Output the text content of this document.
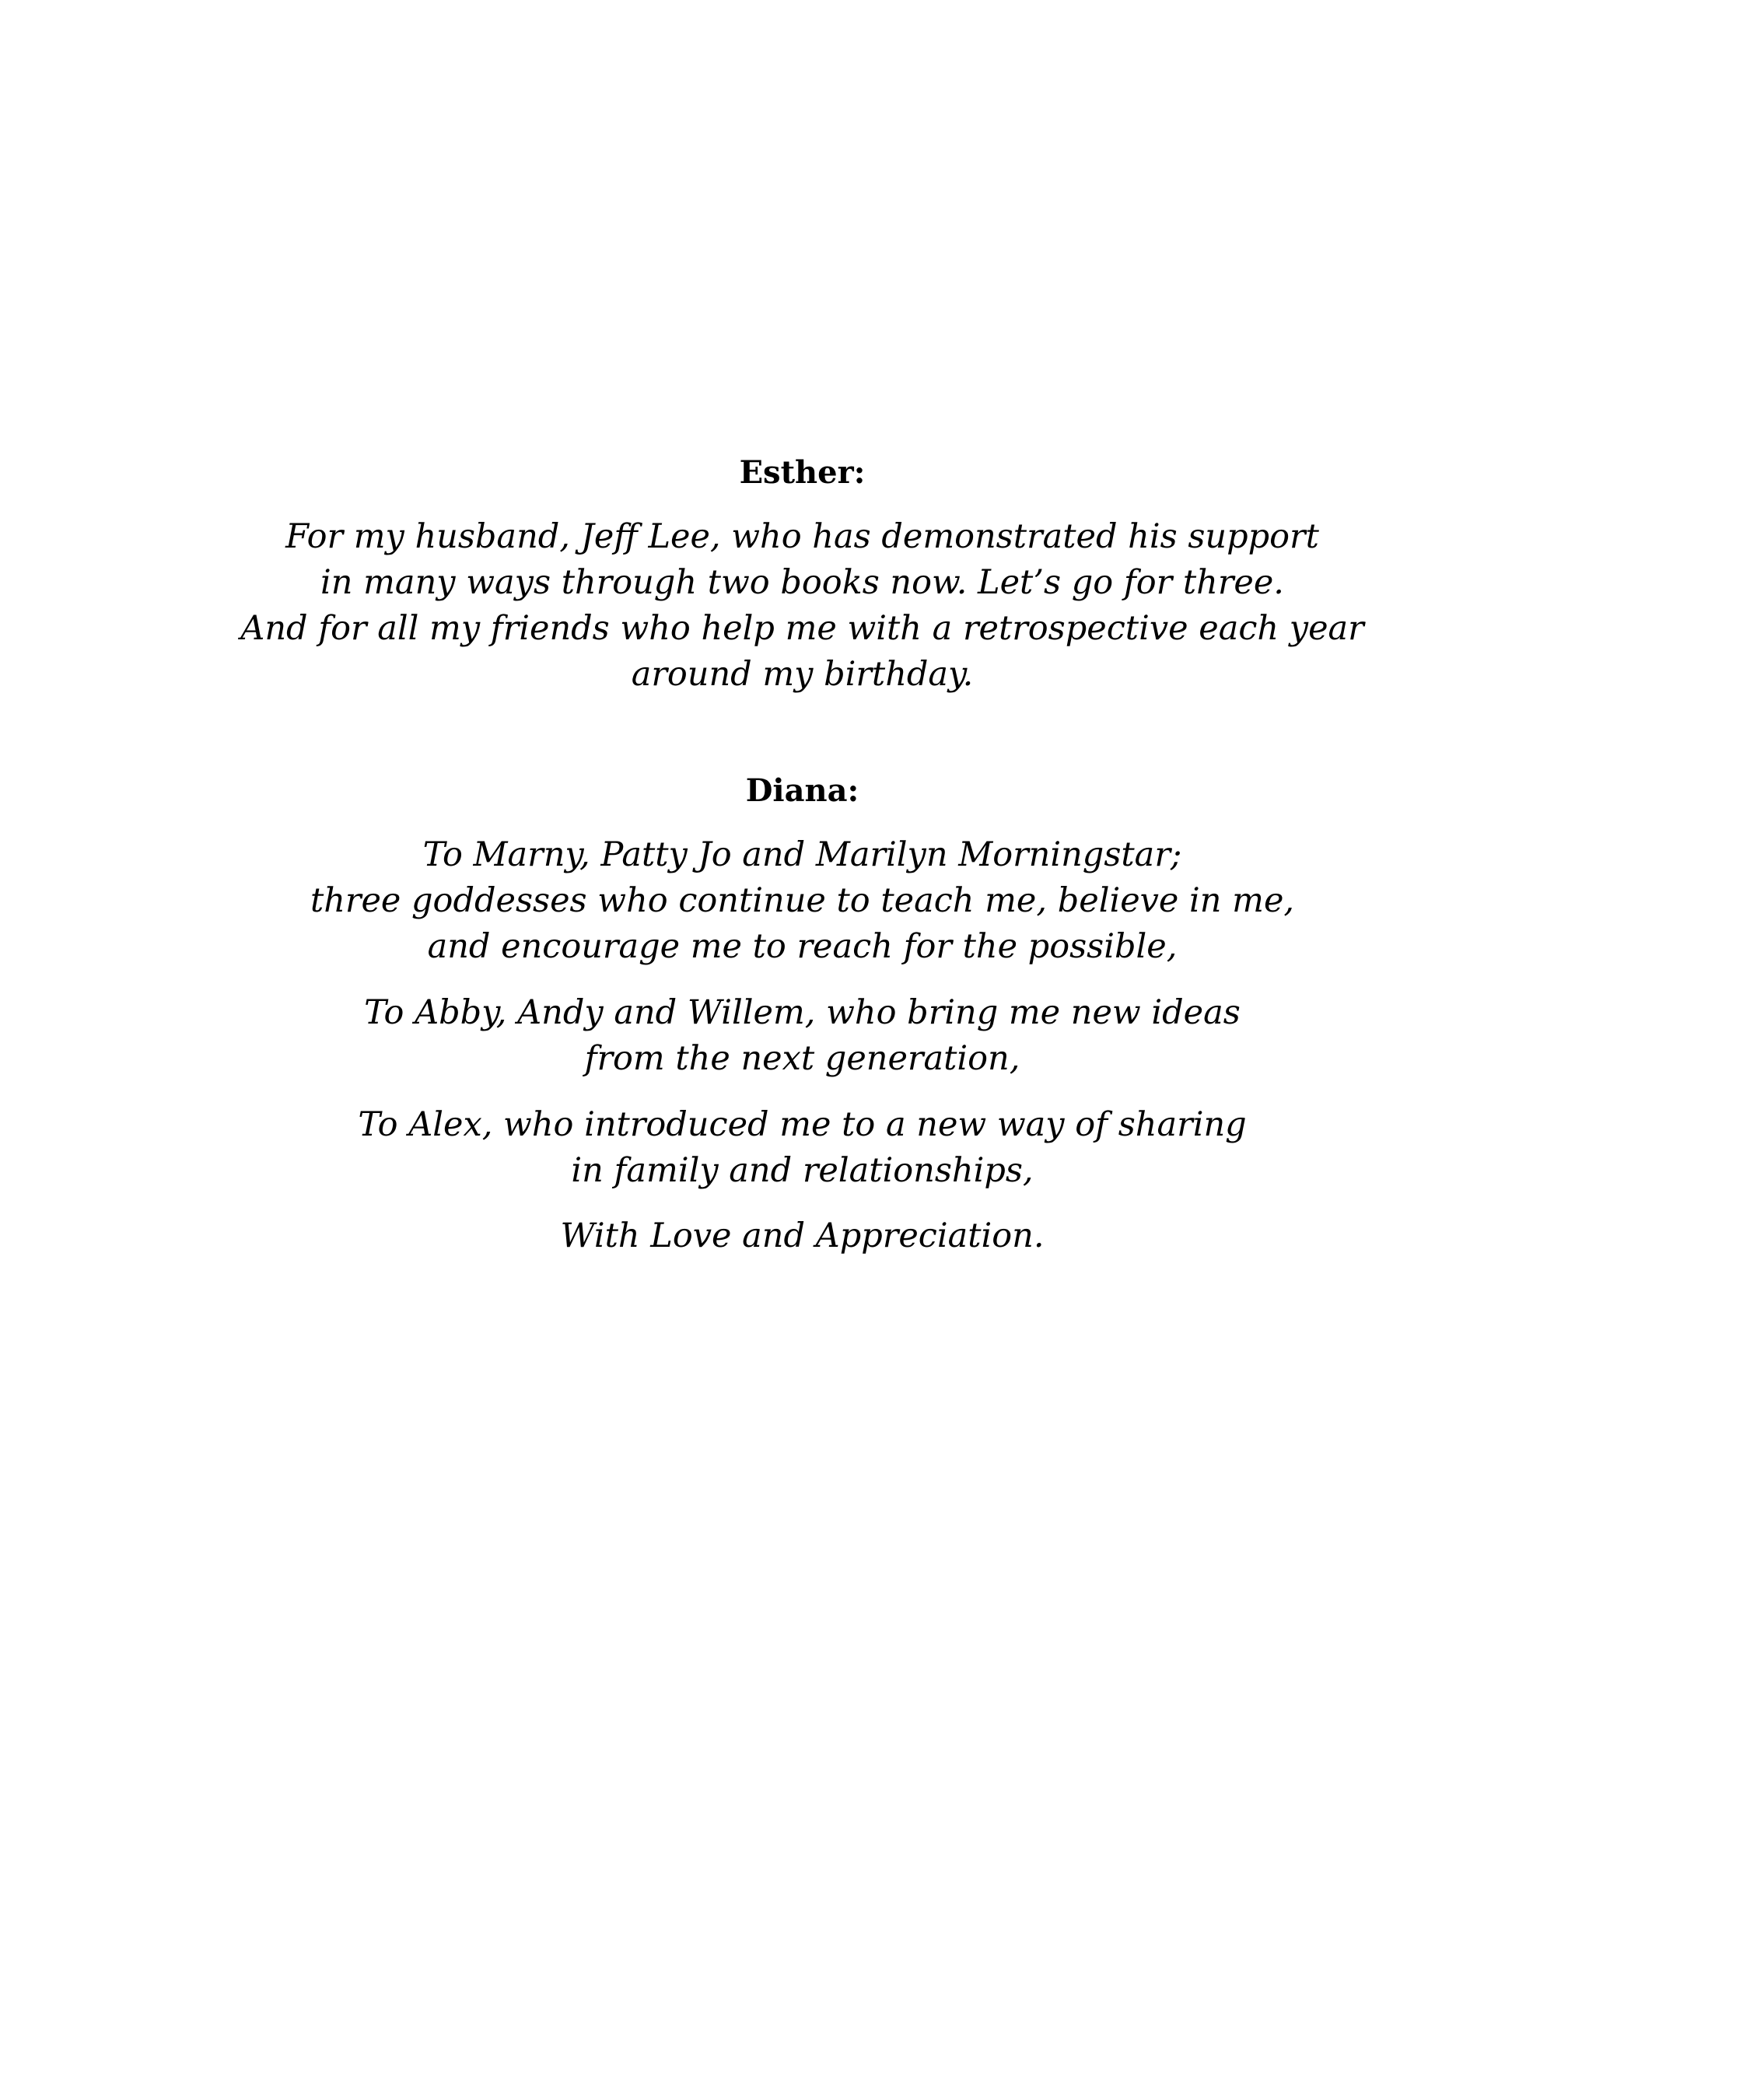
Esther:
For my husband, Jeff Lee, who has demonstrated his support
in many ways through two books now. Let’s go for three.
And for all my friends who help me with a retrospective each year
around my birthday.
Diana:
To Marny, Patty Jo and Marilyn Morningstar;
three goddesses who continue to teach me, believe in me,
and encourage me to reach for the possible,
To Abby, Andy and Willem, who bring me new ideas
from the next generation,
To Alex, who introduced me to a new way of sharing
in family and relationships,
With Love and Appreciation.
